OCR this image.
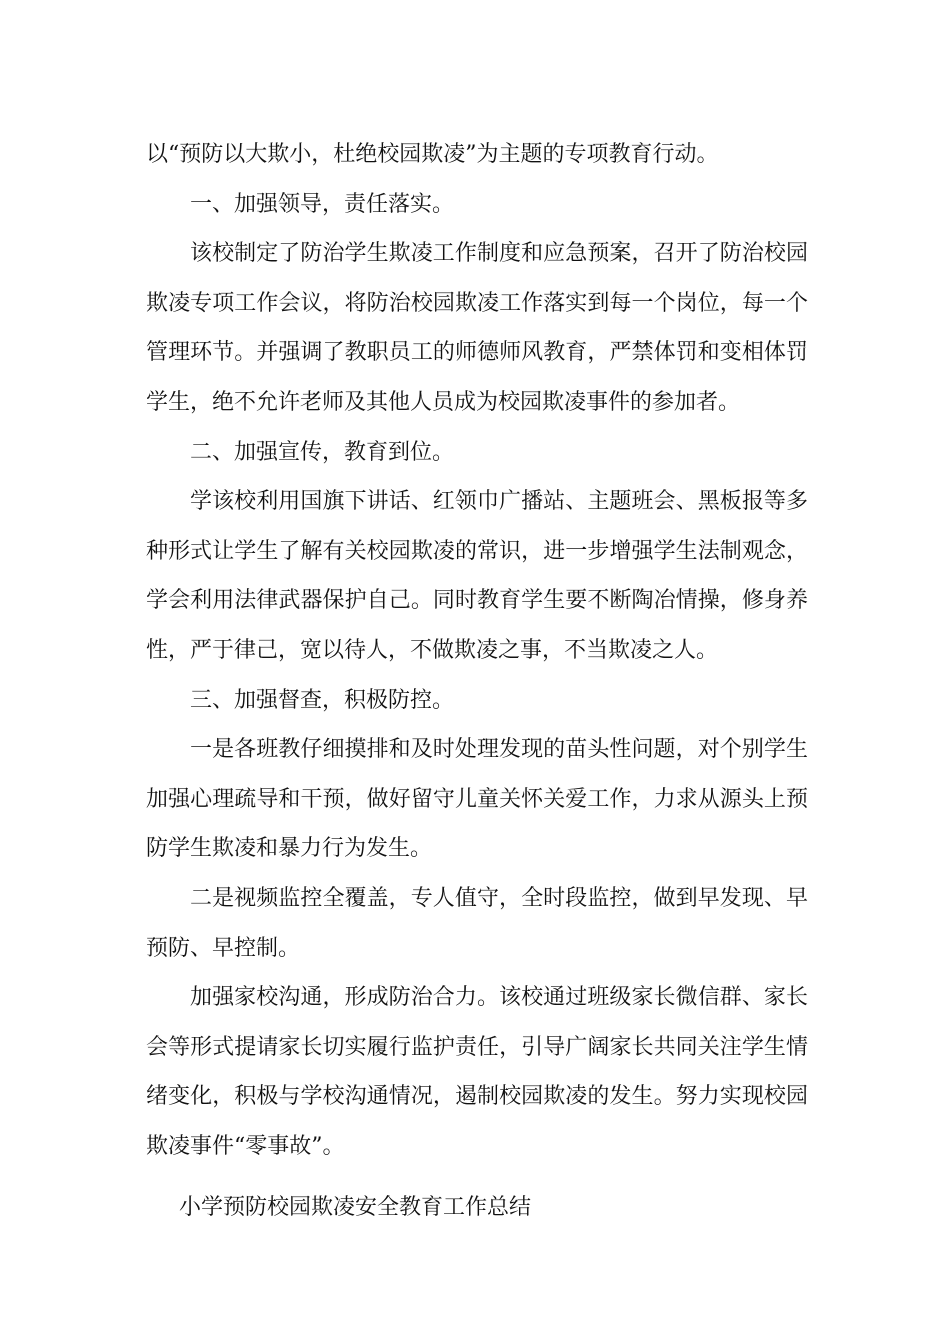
以“预防以大欺小，杜绝校园欺凌”为主题的专项教育行动。

一、加强领导，责任落实。

该校制定了防治学生欺凌工作制度和应急预案，召开了防治校园欺凌专项工作会议，将防治校园欺凌工作落实到每一个岗位，每一个管理环节。并强调了教职员工的师德师风教育，严禁体罚和变相体罚学生，绝不允许老师及其他人员成为校园欺凌事件的参加者。

二、加强宣传，教育到位。

学该校利用国旗下讲话、红领巾广播站、主题班会、黑板报等多种形式让学生了解有关校园欺凌的常识，进一步增强学生法制观念，学会利用法律武器保护自己。同时教育学生要不断陶冶情操，修身养性，严于律己，宽以待人，不做欺凌之事，不当欺凌之人。

三、加强督查，积极防控。

一是各班教仔细摸排和及时处理发现的苗头性问题，对个别学生加强心理疏导和干预，做好留守儿童关怀关爱工作，力求从源头上预防学生欺凌和暴力行为发生。

二是视频监控全覆盖，专人值守，全时段监控，做到早发现、早预防、早控制。

加强家校沟通，形成防治合力。该校通过班级家长微信群、家长会等形式提请家长切实履行监护责任，引导广阔家长共同关注学生情绪变化，积极与学校沟通情况，遏制校园欺凌的发生。努力实现校园欺凌事件“零事故”。

小学预防校园欺凌安全教育工作总结
